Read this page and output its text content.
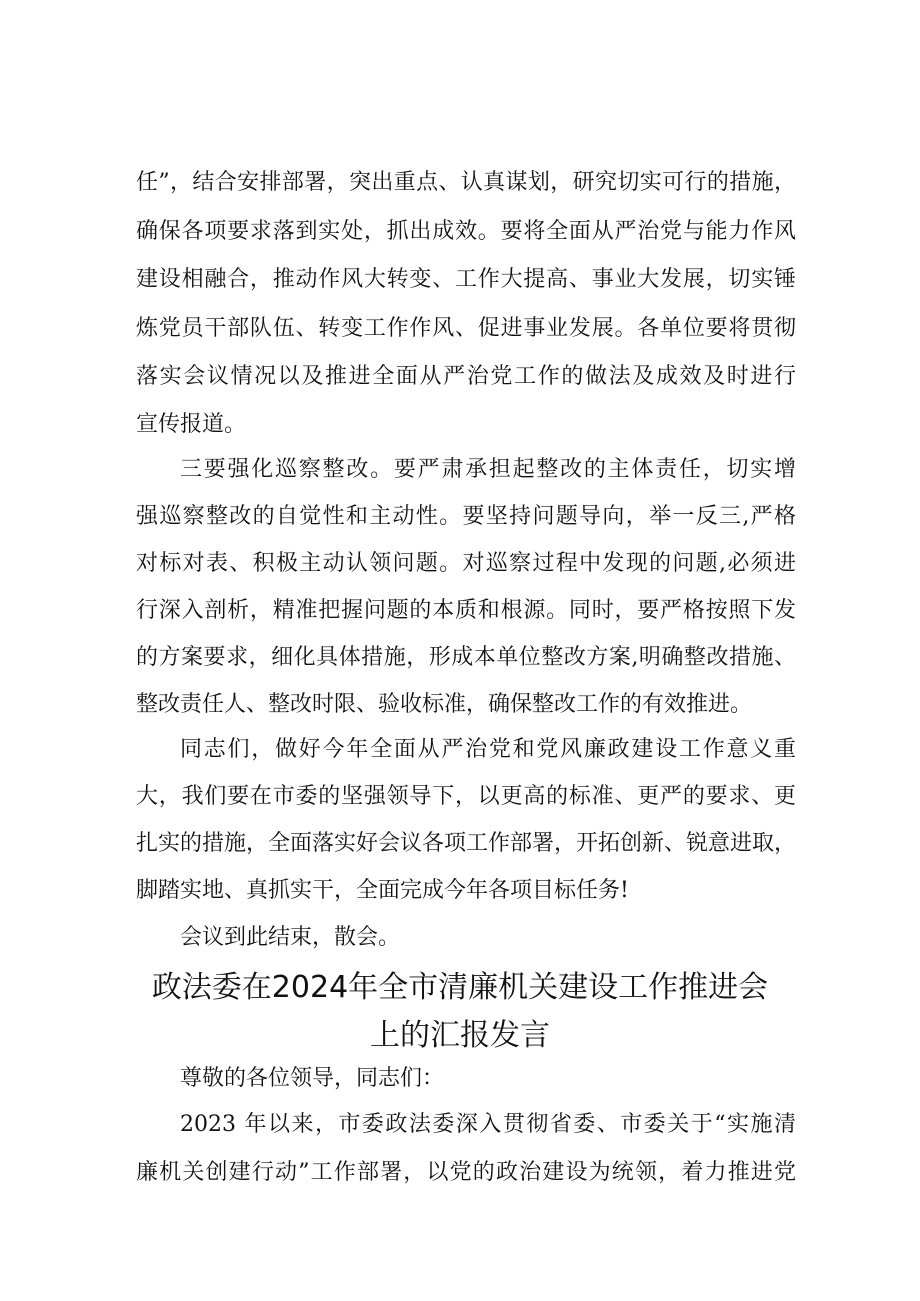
任”，结合安排部署，突出重点、认真谋划，研究切实可行的措施，
确保各项要求落到实处，抓出成效。要将全面从严治党与能力作风
建设相融合，推动作风大转变、工作大提高、事业大发展，切实锤
炼党员干部队伍、转变工作作风、促进事业发展。各单位要将贯彻
落实会议情况以及推进全面从严治党工作的做法及成效及时进行
宣传报道。
三要强化巡察整改。要严肃承担起整改的主体责任，切实增
强巡察整改的自觉性和主动性。要坚持问题导向，举一反三,严格
对标对表、积极主动认领问题。对巡察过程中发现的问题,必须进
行深入剖析，精准把握问题的本质和根源。同时，要严格按照下发
的方案要求，细化具体措施，形成本单位整改方案,明确整改措施、
整改责任人、整改时限、验收标准，确保整改工作的有效推进。
同志们，做好今年全面从严治党和党风廉政建设工作意义重
大，我们要在市委的坚强领导下，以更高的标准、更严的要求、更
扎实的措施，全面落实好会议各项工作部署，开拓创新、锐意进取，
脚踏实地、真抓实干，全面完成今年各项目标任务!
会议到此结束，散会。
政法委在2024年全市清廉机关建设工作推进会
上的汇报发言
尊敬的各位领导，同志们：
2023 年以来，市委政法委深入贯彻省委、市委关于“实施清
廉机关创建行动”工作部署，以党的政治建设为统领，着力推进党
